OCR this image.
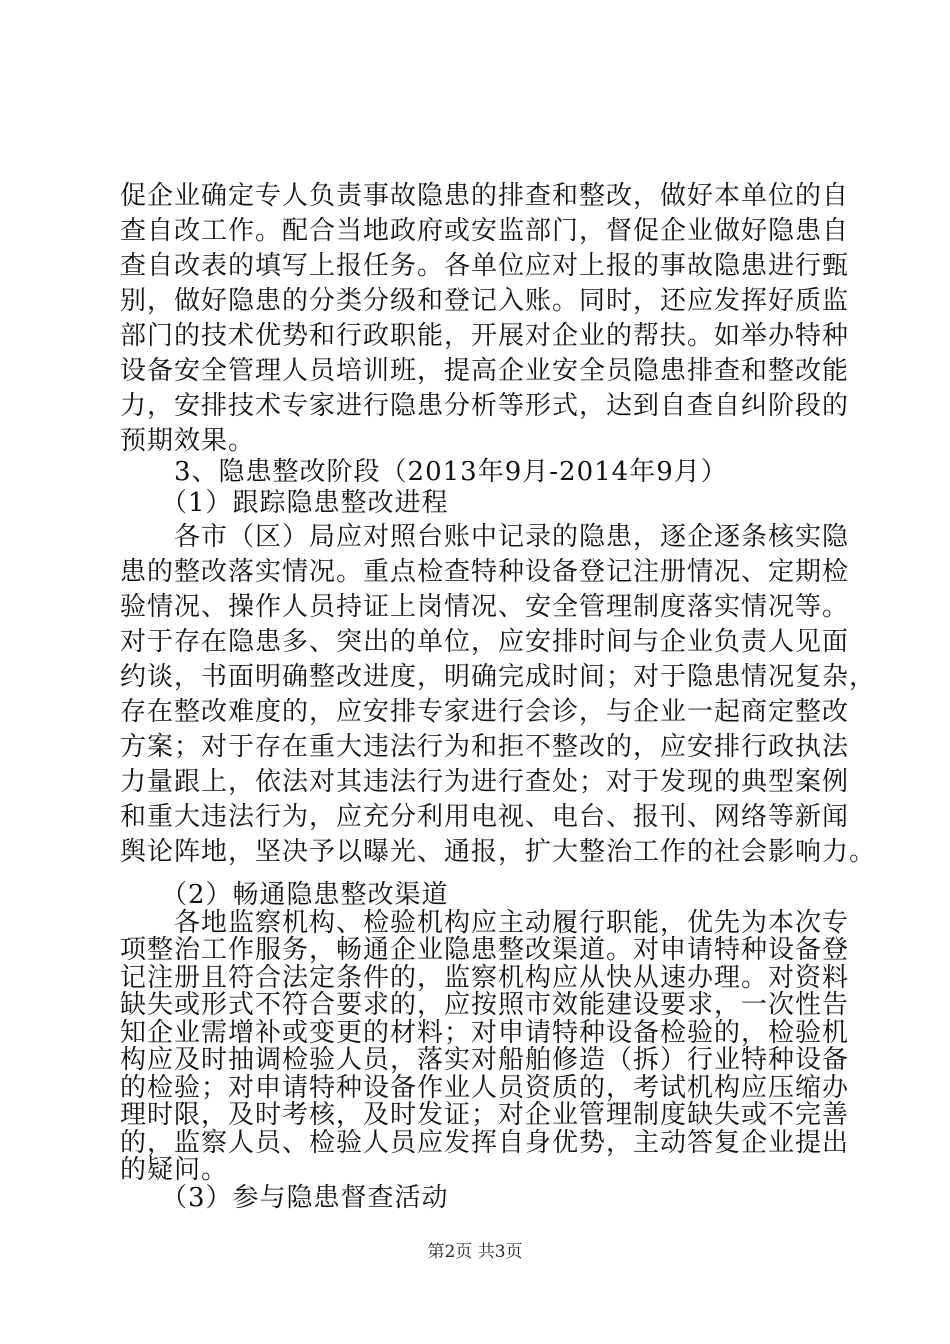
促企业确定专人负责事故隐患的排查和整改，做好本单位的自
查自改工作。配合当地政府或安监部门，督促企业做好隐患自
查自改表的填写上报任务。各单位应对上报的事故隐患进行甄
别，做好隐患的分类分级和登记入账。同时，还应发挥好质监
部门的技术优势和行政职能，开展对企业的帮扶。如举办特种
设备安全管理人员培训班，提高企业安全员隐患排查和整改能
力，安排技术专家进行隐患分析等形式，达到自查自纠阶段的
预期效果。
　　3、隐患整改阶段（2013年9月-2014年9月）
　　（1）跟踪隐患整改进程
　　各市（区）局应对照台账中记录的隐患，逐企逐条核实隐
患的整改落实情况。重点检查特种设备登记注册情况、定期检
验情况、操作人员持证上岗情况、安全管理制度落实情况等。
对于存在隐患多、突出的单位，应安排时间与企业负责人见面
约谈，书面明确整改进度，明确完成时间；对于隐患情况复杂，
存在整改难度的，应安排专家进行会诊，与企业一起商定整改
方案；对于存在重大违法行为和拒不整改的，应安排行政执法
力量跟上，依法对其违法行为进行查处；对于发现的典型案例
和重大违法行为，应充分利用电视、电台、报刊、网络等新闻
舆论阵地，坚决予以曝光、通报，扩大整治工作的社会影响力。
　　（2）畅通隐患整改渠道
　　各地监察机构、检验机构应主动履行职能，优先为本次专
项整治工作服务，畅通企业隐患整改渠道。对申请特种设备登
记注册且符合法定条件的，监察机构应从快从速办理。对资料
缺失或形式不符合要求的，应按照市效能建设要求，一次性告
知企业需增补或变更的材料；对申请特种设备检验的，检验机
构应及时抽调检验人员，落实对船舶修造（拆）行业特种设备
的检验；对申请特种设备作业人员资质的，考试机构应压缩办
理时限，及时考核，及时发证；对企业管理制度缺失或不完善
的，监察人员、检验人员应发挥自身优势，主动答复企业提出
的疑问。
　　（3）参与隐患督查活动
第2页 共3页
